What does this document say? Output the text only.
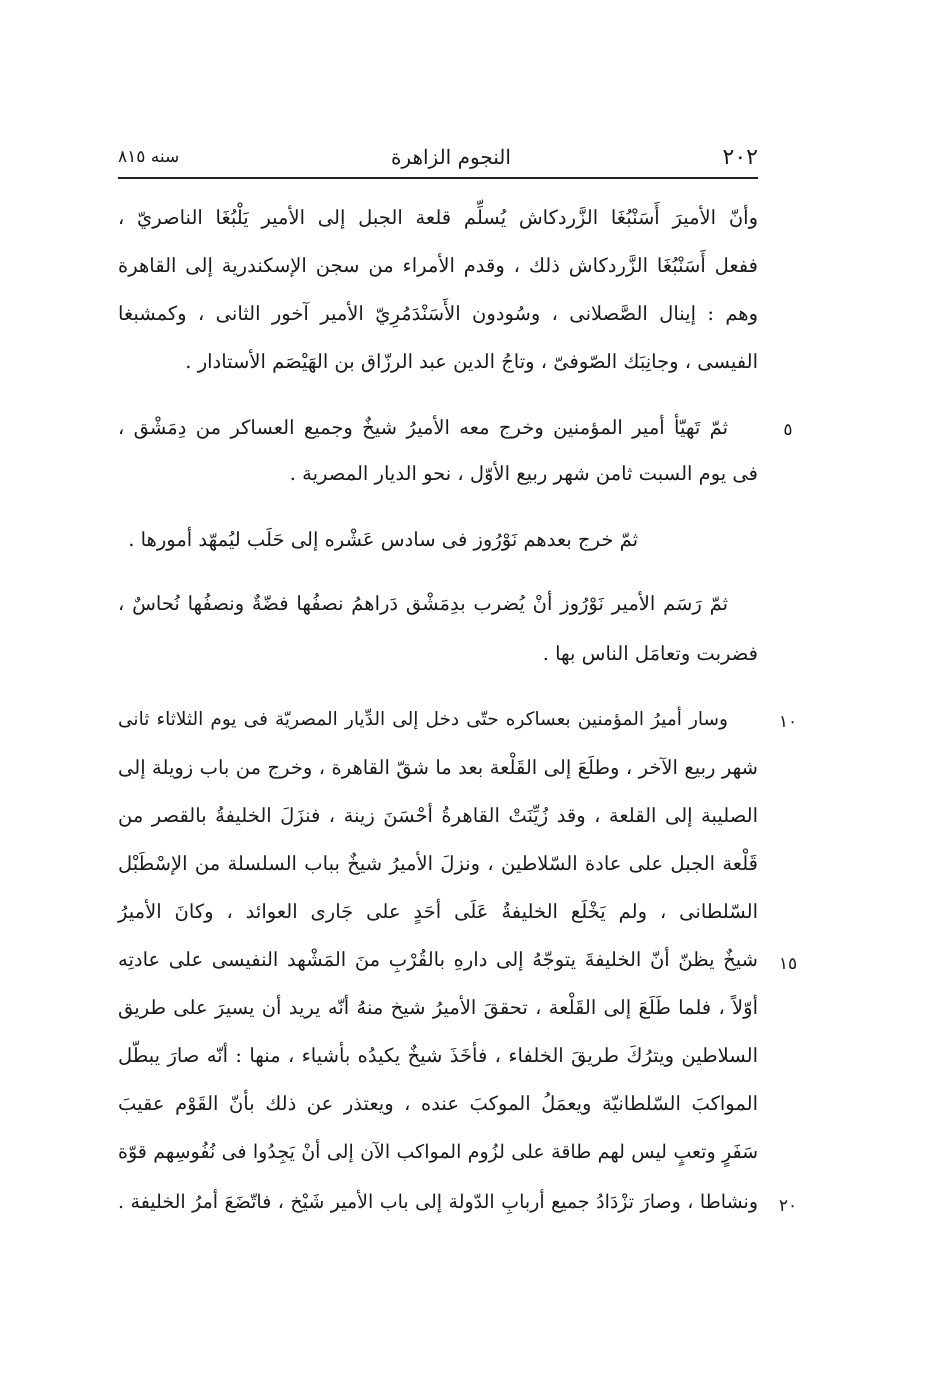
٢٠٢
النجوم الزاهرة
سنه ٨١٥
وأنّ الأميرَ أَسَنْبُغَا الزَّردكاش يُسلِّم قلعة الجبل إلى الأمير يَلْبُغَا الناصريّ ،
ففعل أَسَنْبُغَا الزَّردكاش ذلك ، وقدم الأمراء من سجن الإسكندرية إلى القاهرة
وهم : إينال الصَّصلانى ، وسُودون الأَسَنْدَمُرِيّ الأمير آخور الثانى ، وكمشبغا
الفيسى ، وجانِبَك الصّوفىّ ، وتاجُ الدين عبد الرزّاق بن الهَيْصَم الأستادار .
ثمّ تَهيّأ أمير المؤمنين وخرج معه الأميرُ شيخٌ وجميع العساكر من دِمَشْق ،	٥
فى يوم السبت ثامن شهر ربيع الأوّل ، نحو الديار المصرية .
ثمّ خرج بعدهم نَوْرُوز فى سادس عَشْره إلى حَلَب ليُمهّد أمورها .
ثمّ رَسَم الأمير نَوْرُوز أنْ يُضرب بدِمَشْق دَراهمُ نصفُها فضّةٌ ونصفُها نُحاسٌ ،
فضربت وتعامَل الناس بها .
وسار أميرُ المؤمنين بعساكره حتّى دخل إلى الدِّيار المصريّة فى يوم الثلاثاء ثانى	١٠
شهر ربيع الآخر ، وطلَعَ إلى القَلْعة بعد ما شقّ القاهرة ، وخرج من باب زويلة إلى
الصليبة إلى القلعة ، وقد زُيِّنَتْ القاهرةُ أحْسَنَ زينة ، فنزَلَ الخليفةُ بالقصر من
قَلْعة الجبل على عادة السّلاطين ، ونزلَ الأميرُ شيخٌ بباب السلسلة من الإسْطَبْل
السّلطانى ، ولم يَخْلَع الخليفةُ عَلَى أحَدٍ على جَارى العوائد ، وكانَ الأميرُ
شيخٌ يظنّ أنّ الخليفةَ يتوجّهُ إلى دارهِ بالقُرْبِ منَ المَشْهد النفيسى على عادتِه	١٥
أوّلاً ، فلما طَلَعَ إلى القَلْعة ، تحققَ الأميرُ شيخ منهُ أنّه يريد أن يسيرَ على طريق
السلاطين ويترُكَ طريقَ الخلفاء ، فأخَذَ شيخٌ يكيدُه بأشياء ، منها : أنّه صارَ يبطّل
المواكبَ السّلطانيّة ويعمَلُ الموكبَ عنده ، ويعتذر عن ذلك بأنّ القَوْم عقيبَ
سَفَرٍ وتعبٍ ليس لهم طاقة على لزُوم المواكب الآن إلى أنْ يَجِدُوا فى نُفُوسِهم قوّة
ونشاطا ، وصارَ تزْدَادُ جميع أربابِ الدّولة إلى باب الأمير شَيْخ ، فاتّضَعَ أمرُ الخليفة .	٢٠
